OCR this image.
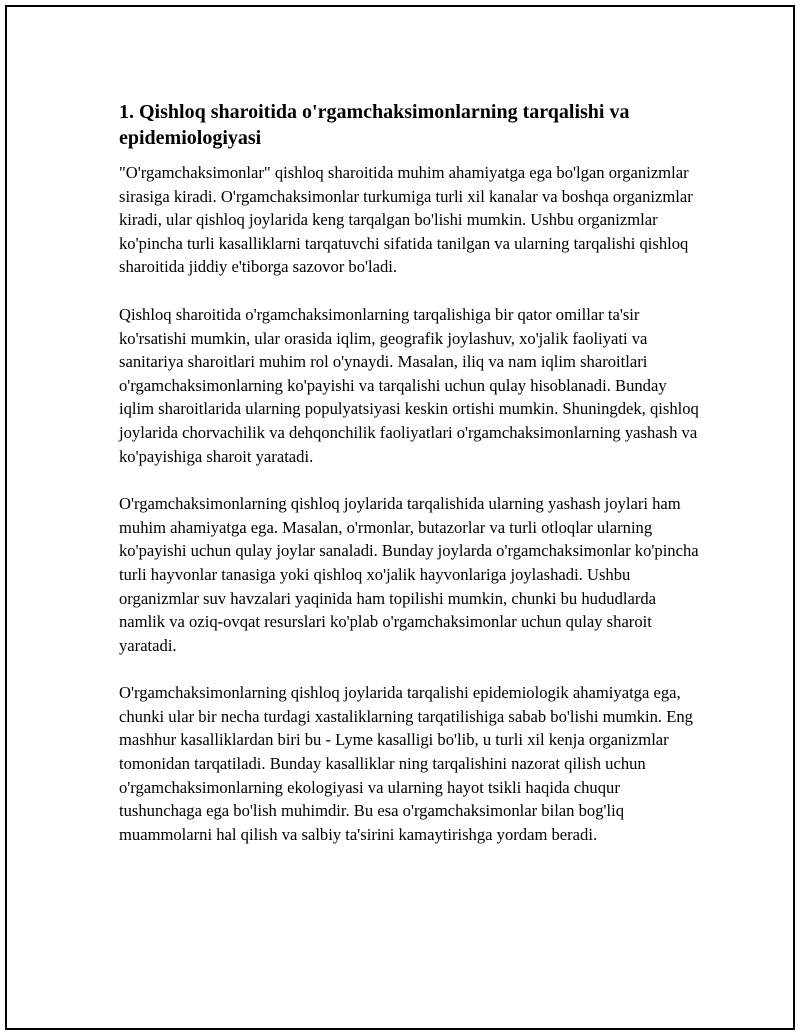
1. Qishloq sharoitida o'rgamchaksimonlarning tarqalishi va epidemiologiyasi

"O'rgamchaksimonlar" qishloq sharoitida muhim ahamiyatga ega bo'lgan organizmlar sirasiga kiradi. O'rgamchaksimonlar turkumiga turli xil kanalar va boshqa organizmlar kiradi, ular qishloq joylarida keng tarqalgan bo'lishi mumkin. Ushbu organizmlar ko'pincha turli kasalliklarni tarqatuvchi sifatida tanilgan va ularning tarqalishi qishloq sharoitida jiddiy e'tiborga sazovor bo'ladi.

Qishloq sharoitida o'rgamchaksimonlarning tarqalishiga bir qator omillar ta'sir ko'rsatishi mumkin, ular orasida iqlim, geografik joylashuv, xo'jalik faoliyati va sanitariya sharoitlari muhim rol o'ynaydi. Masalan, iliq va nam iqlim sharoitlari o'rgamchaksimonlarning ko'payishi va tarqalishi uchun qulay hisoblanadi. Bunday iqlim sharoitlarida ularning populyatsiyasi keskin ortishi mumkin. Shuningdek, qishloq joylarida chorvachilik va dehqonchilik faoliyatlari o'rgamchaksimonlarning yashash va ko'payishiga sharoit yaratadi.

O'rgamchaksimonlarning qishloq joylarida tarqalishida ularning yashash joylari ham muhim ahamiyatga ega. Masalan, o'rmonlar, butazorlar va turli otloqlar ularning ko'payishi uchun qulay joylar sanaladi. Bunday joylarda o'rgamchaksimonlar ko'pincha turli hayvonlar tanasiga yoki qishloq xo'jalik hayvonlariga joylashadi. Ushbu organizmlar suv havzalari yaqinida ham topilishi mumkin, chunki bu hududlarda namlik va oziq-ovqat resurslari ko'plab o'rgamchaksimonlar uchun qulay sharoit yaratadi.

O'rgamchaksimonlarning qishloq joylarida tarqalishi epidemiologik ahamiyatga ega, chunki ular bir necha turdagi xastaliklarning tarqatilishiga sabab bo'lishi mumkin. Eng mashhur kasalliklardan biri bu - Lyme kasalligi bo'lib, u turli xil kenja organizmlar tomonidan tarqatiladi. Bunday kasalliklar ning tarqalishini nazorat qilish uchun o'rgamchaksimonlarning ekologiyasi va ularning hayot tsikli haqida chuqur tushunchaga ega bo'lish muhimdir. Bu esa o'rgamchaksimonlar bilan bog'liq muammolarni hal qilish va salbiy ta'sirini kamaytirishga yordam beradi.
